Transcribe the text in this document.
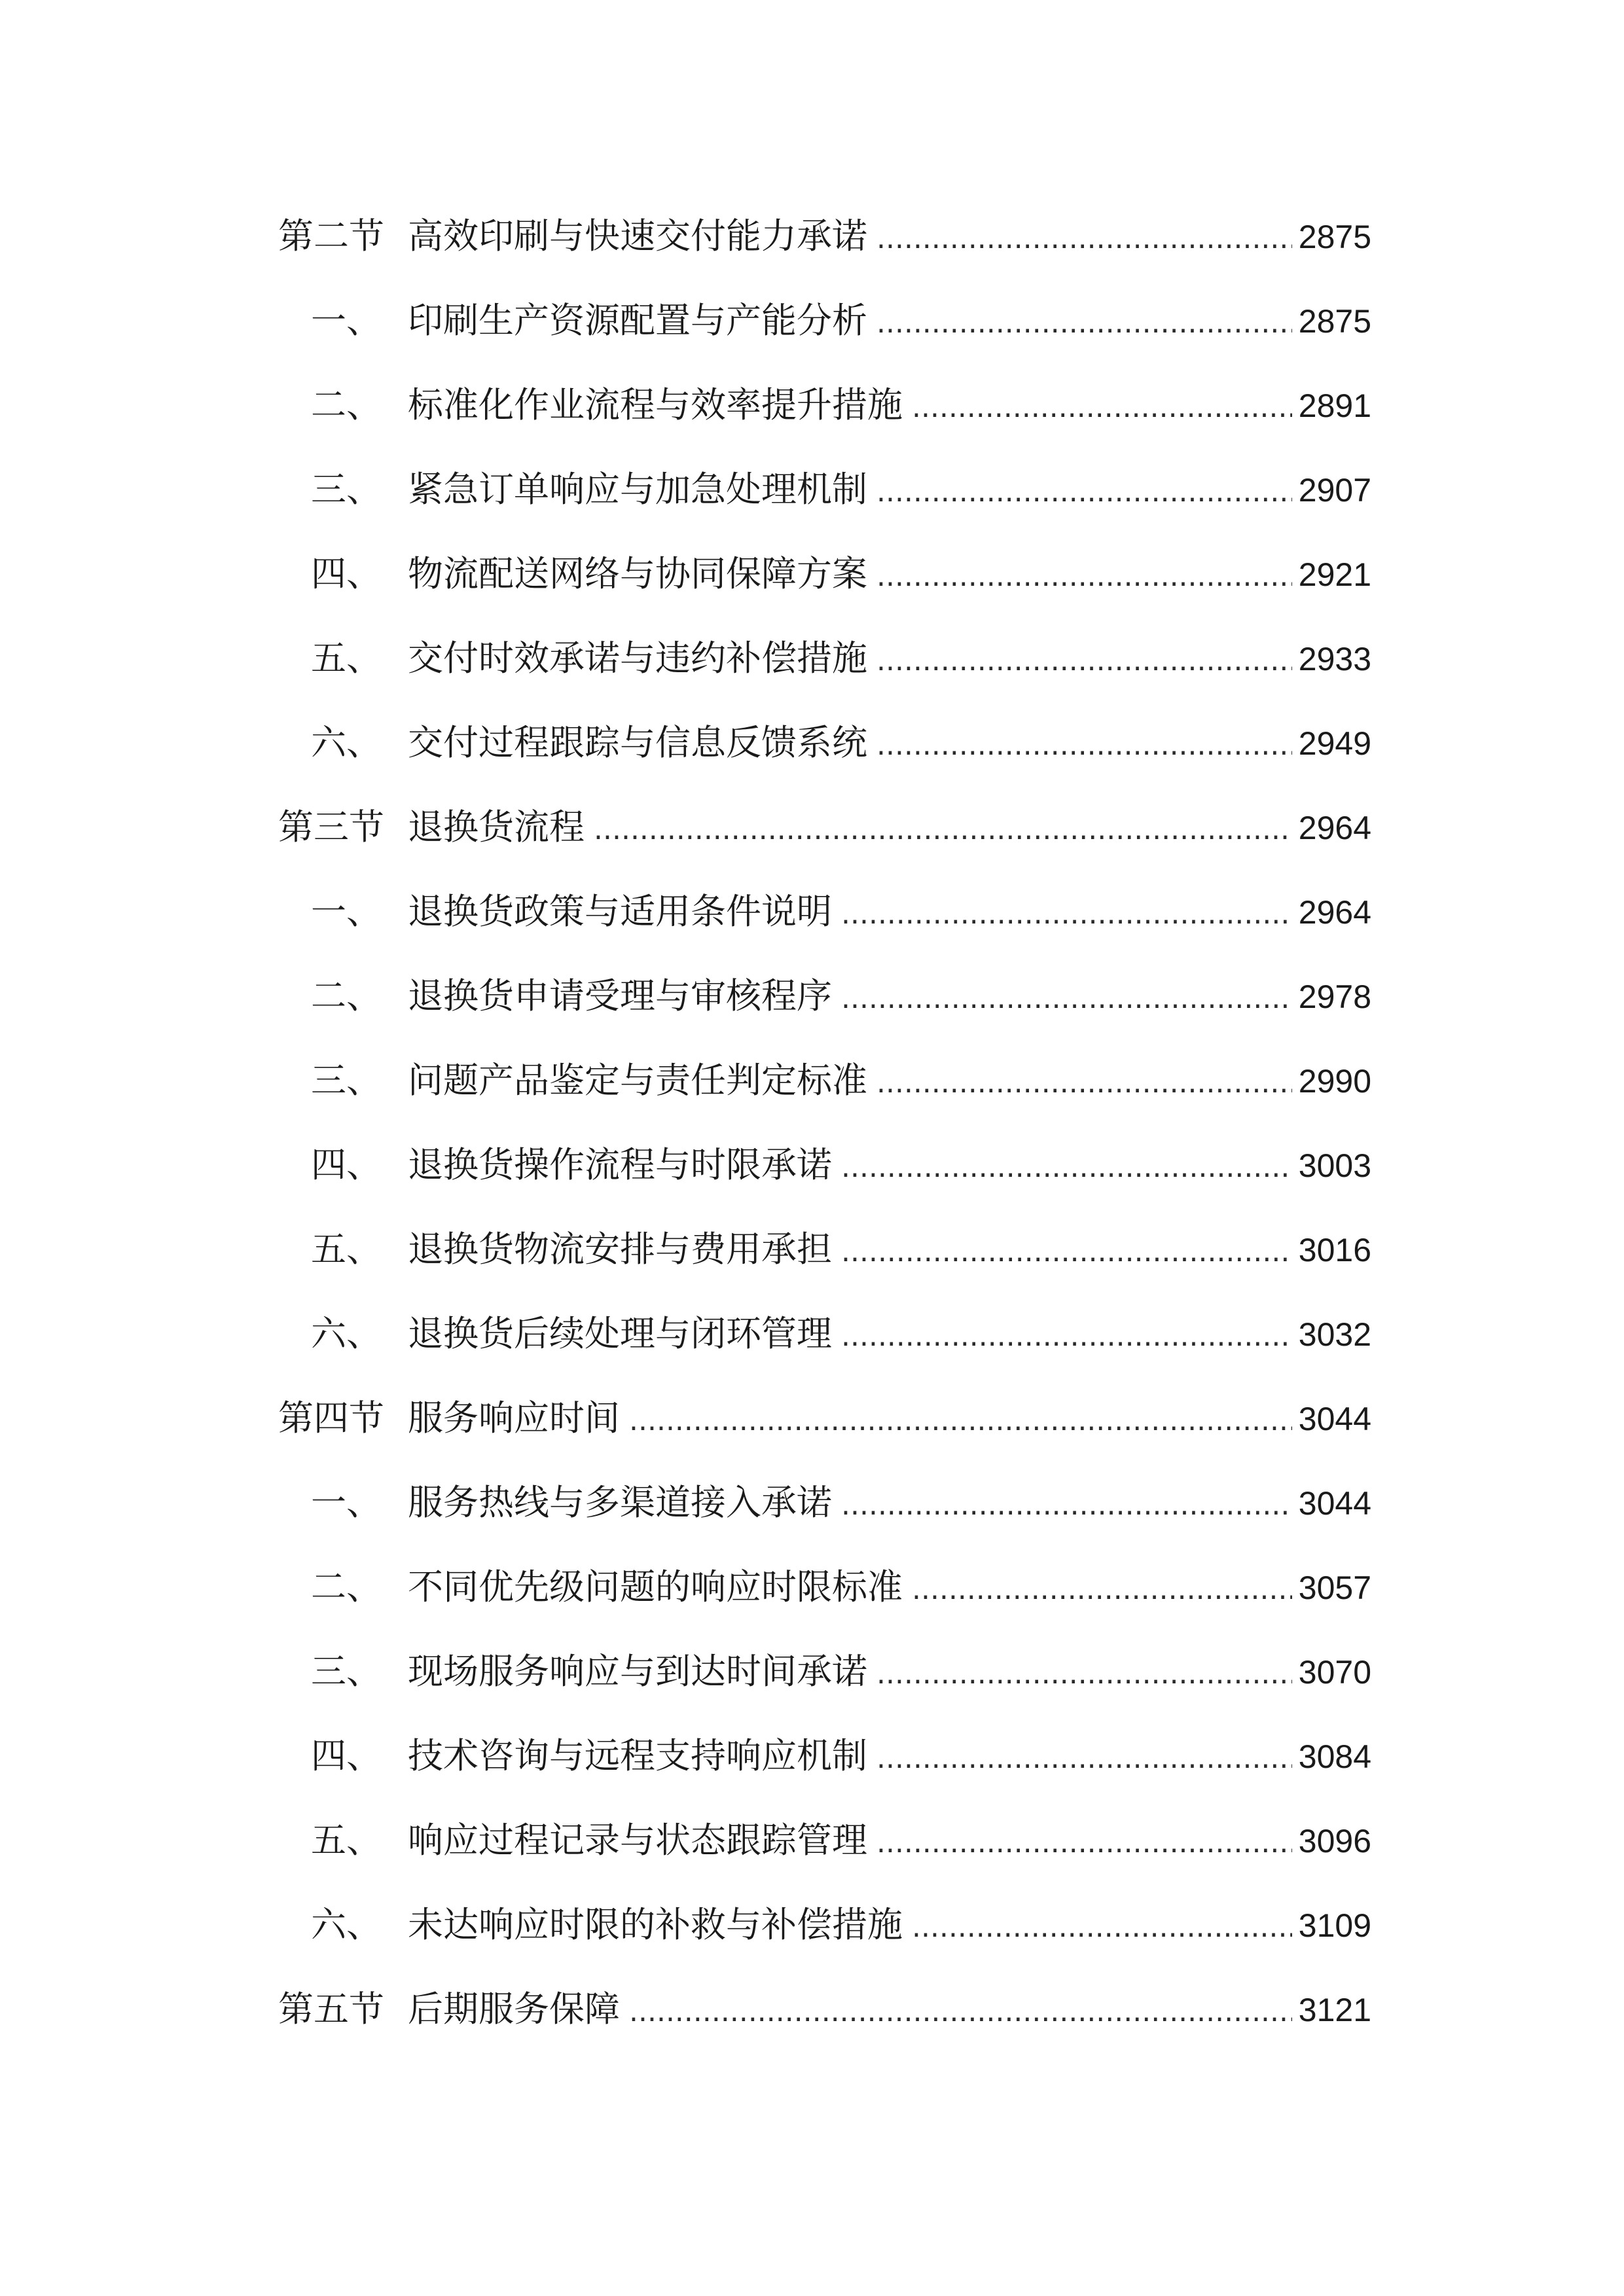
第二节 高效印刷与快速交付能力承诺 .....	2875
一、 印刷生产资源配置与产能分析 .....	2875
二、 标准化作业流程与效率提升措施 .....	2891
三、 紧急订单响应与加急处理机制 .....	2907
四、 物流配送网络与协同保障方案 .....	2921
五、 交付时效承诺与违约补偿措施 .....	2933
六、 交付过程跟踪与信息反馈系统 .....	2949
第三节 退换货流程 .....	2964
一、 退换货政策与适用条件说明 .....	2964
二、 退换货申请受理与审核程序 .....	2978
三、 问题产品鉴定与责任判定标准 .....	2990
四、 退换货操作流程与时限承诺 .....	3003
五、 退换货物流安排与费用承担 .....	3016
六、 退换货后续处理与闭环管理 .....	3032
第四节 服务响应时间 .....	3044
一、 服务热线与多渠道接入承诺 .....	3044
二、 不同优先级问题的响应时限标准 .....	3057
三、 现场服务响应与到达时间承诺 .....	3070
四、 技术咨询与远程支持响应机制 .....	3084
五、 响应过程记录与状态跟踪管理 .....	3096
六、 未达响应时限的补救与补偿措施 .....	3109
第五节 后期服务保障 .....	3121
